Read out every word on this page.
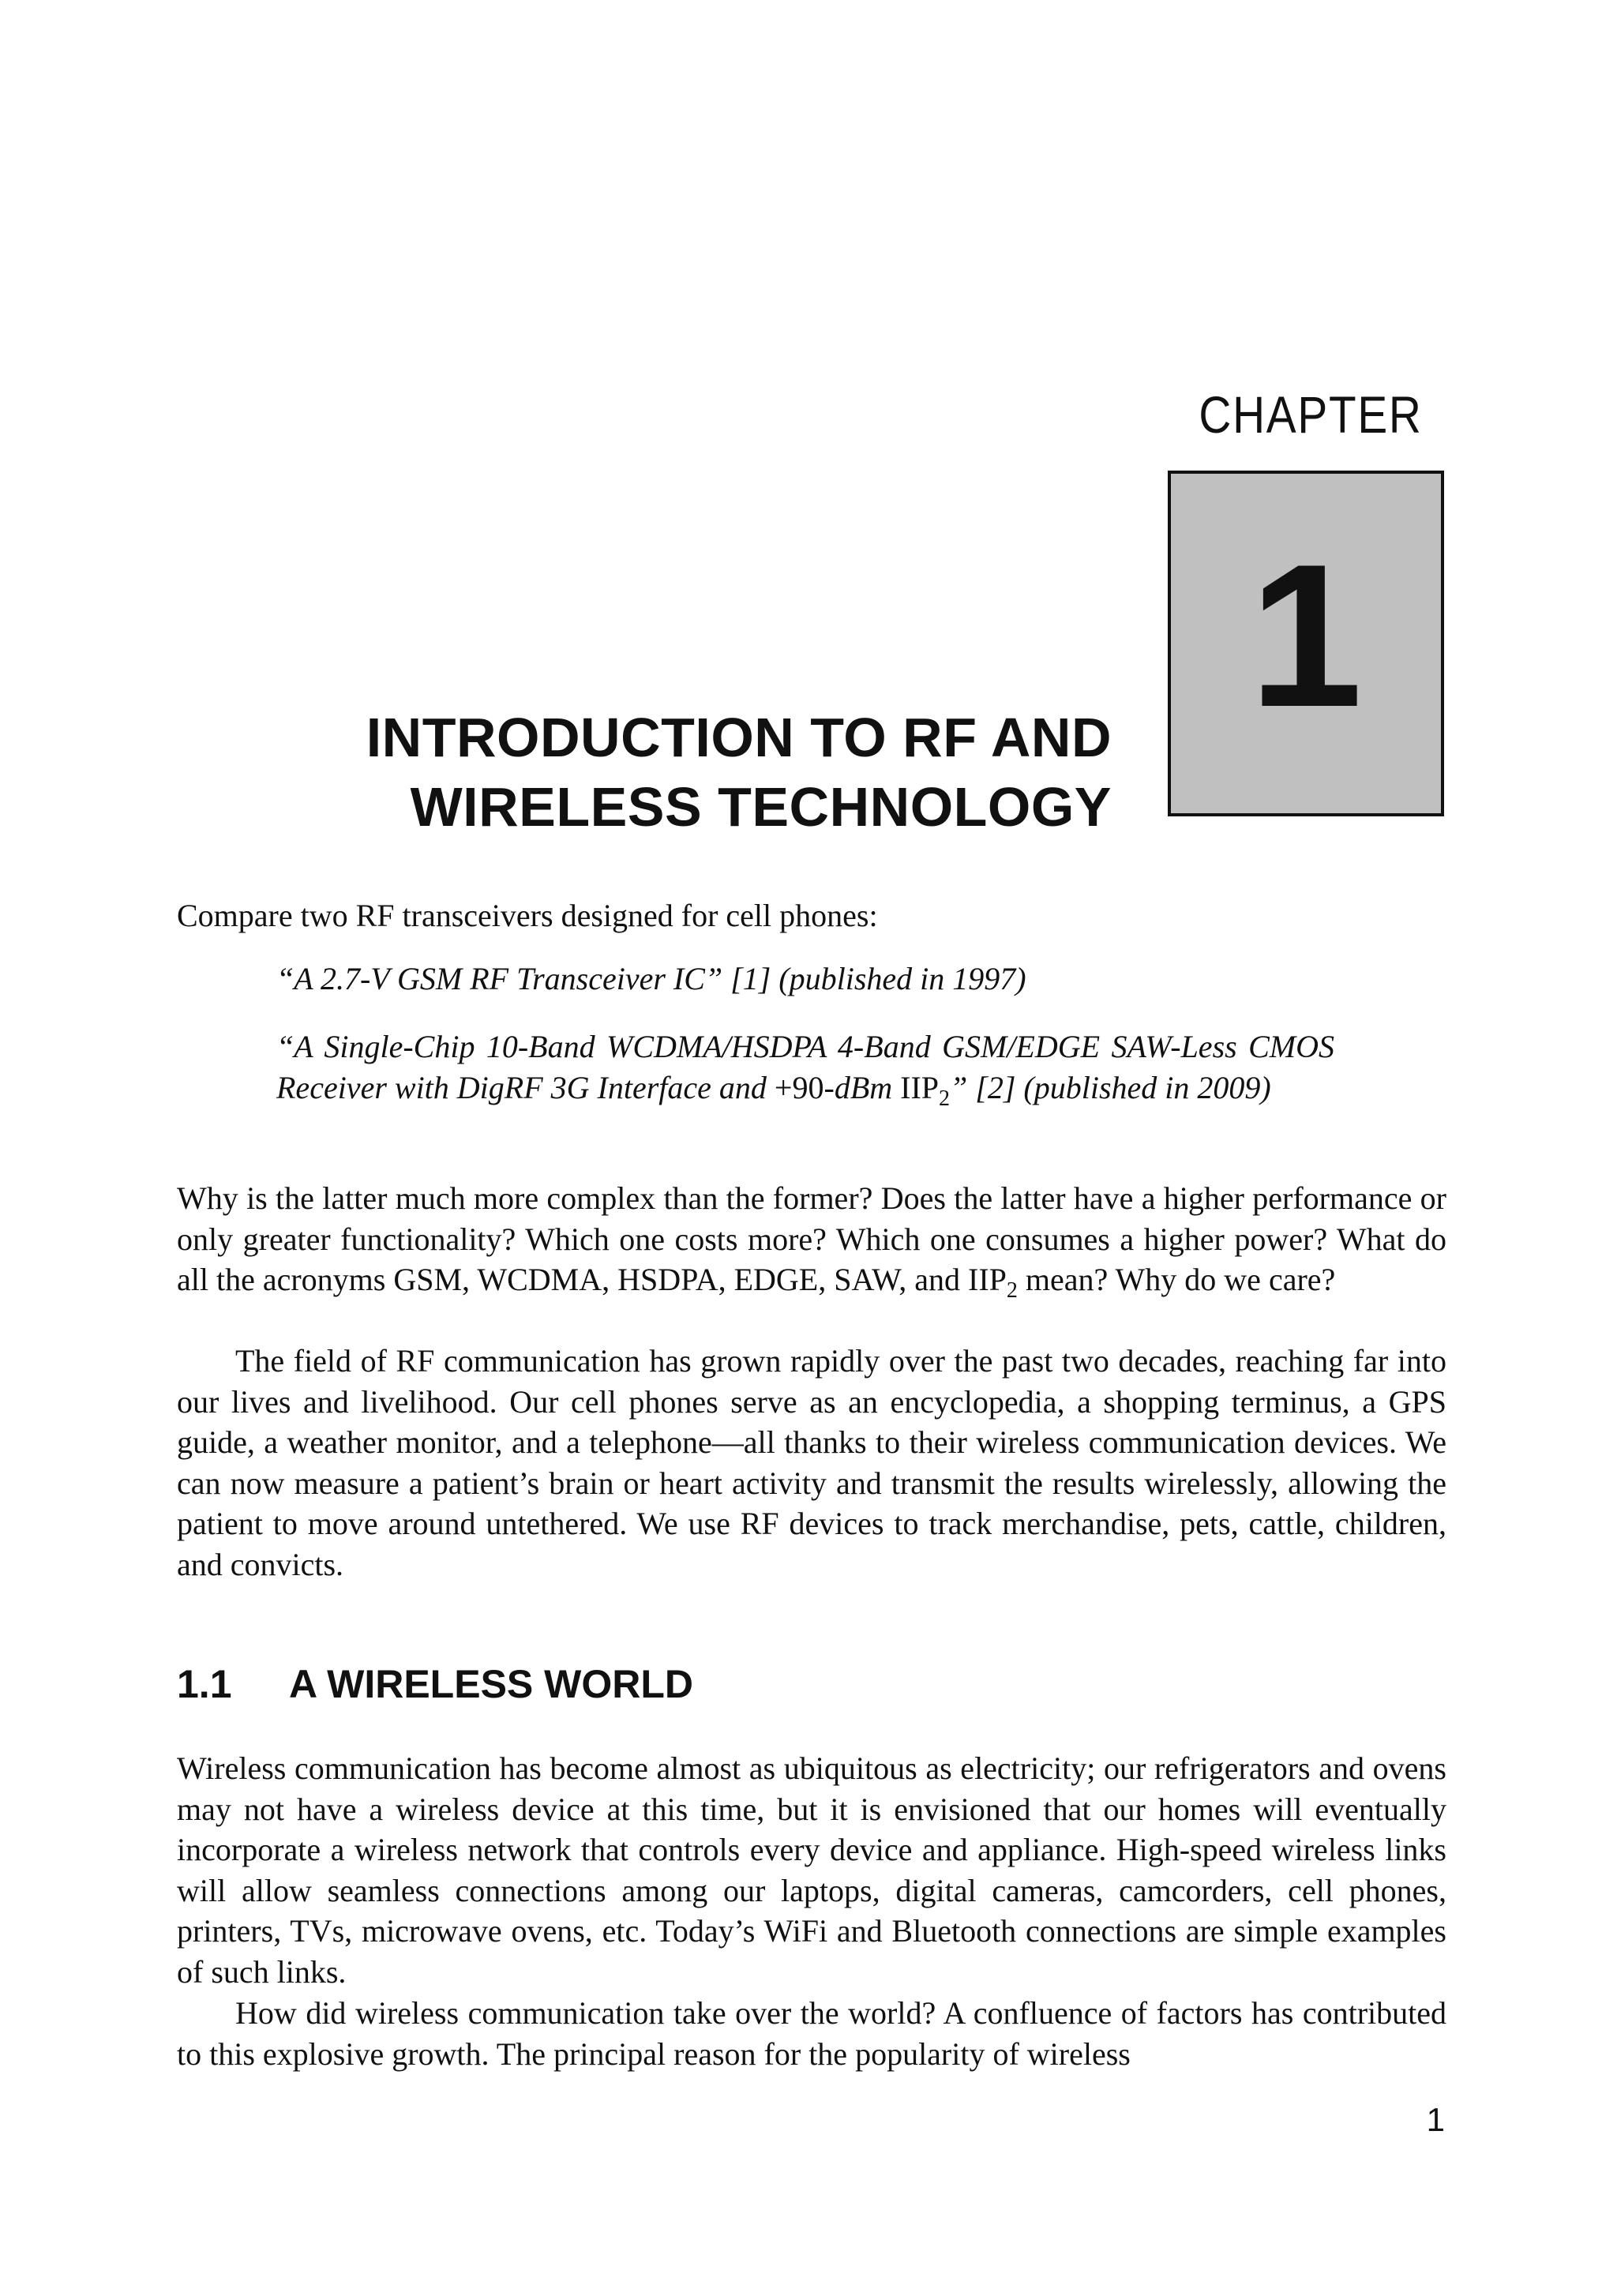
CHAPTER
1
INTRODUCTION TO RF AND
WIRELESS TECHNOLOGY

Compare two RF transceivers designed for cell phones:

“A 2.7-V GSM RF Transceiver IC” [1] (published in 1997)

“A Single-Chip 10-Band WCDMA/HSDPA 4-Band GSM/EDGE SAW-Less CMOS Receiver with DigRF 3G Interface and +90-dBm $IIP_2$” [2] (published in 2009)

Why is the latter much more complex than the former? Does the latter have a higher performance or only greater functionality? Which one costs more? Which one consumes a higher power? What do all the acronyms GSM, WCDMA, HSDPA, EDGE, SAW, and $IIP_2$ mean? Why do we care?

The field of RF communication has grown rapidly over the past two decades, reaching far into our lives and livelihood. Our cell phones serve as an encyclopedia, a shopping terminus, a GPS guide, a weather monitor, and a telephone—all thanks to their wireless communication devices. We can now measure a patient’s brain or heart activity and transmit the results wirelessly, allowing the patient to move around untethered. We use RF devices to track merchandise, pets, cattle, children, and convicts.

1.1 A WIRELESS WORLD

Wireless communication has become almost as ubiquitous as electricity; our refrigerators and ovens may not have a wireless device at this time, but it is envisioned that our homes will eventually incorporate a wireless network that controls every device and appliance. High-speed wireless links will allow seamless connections among our laptops, digital cameras, camcorders, cell phones, printers, TVs, microwave ovens, etc. Today’s WiFi and Bluetooth connections are simple examples of such links.

How did wireless communication take over the world? A confluence of factors has contributed to this explosive growth. The principal reason for the popularity of wireless

1
